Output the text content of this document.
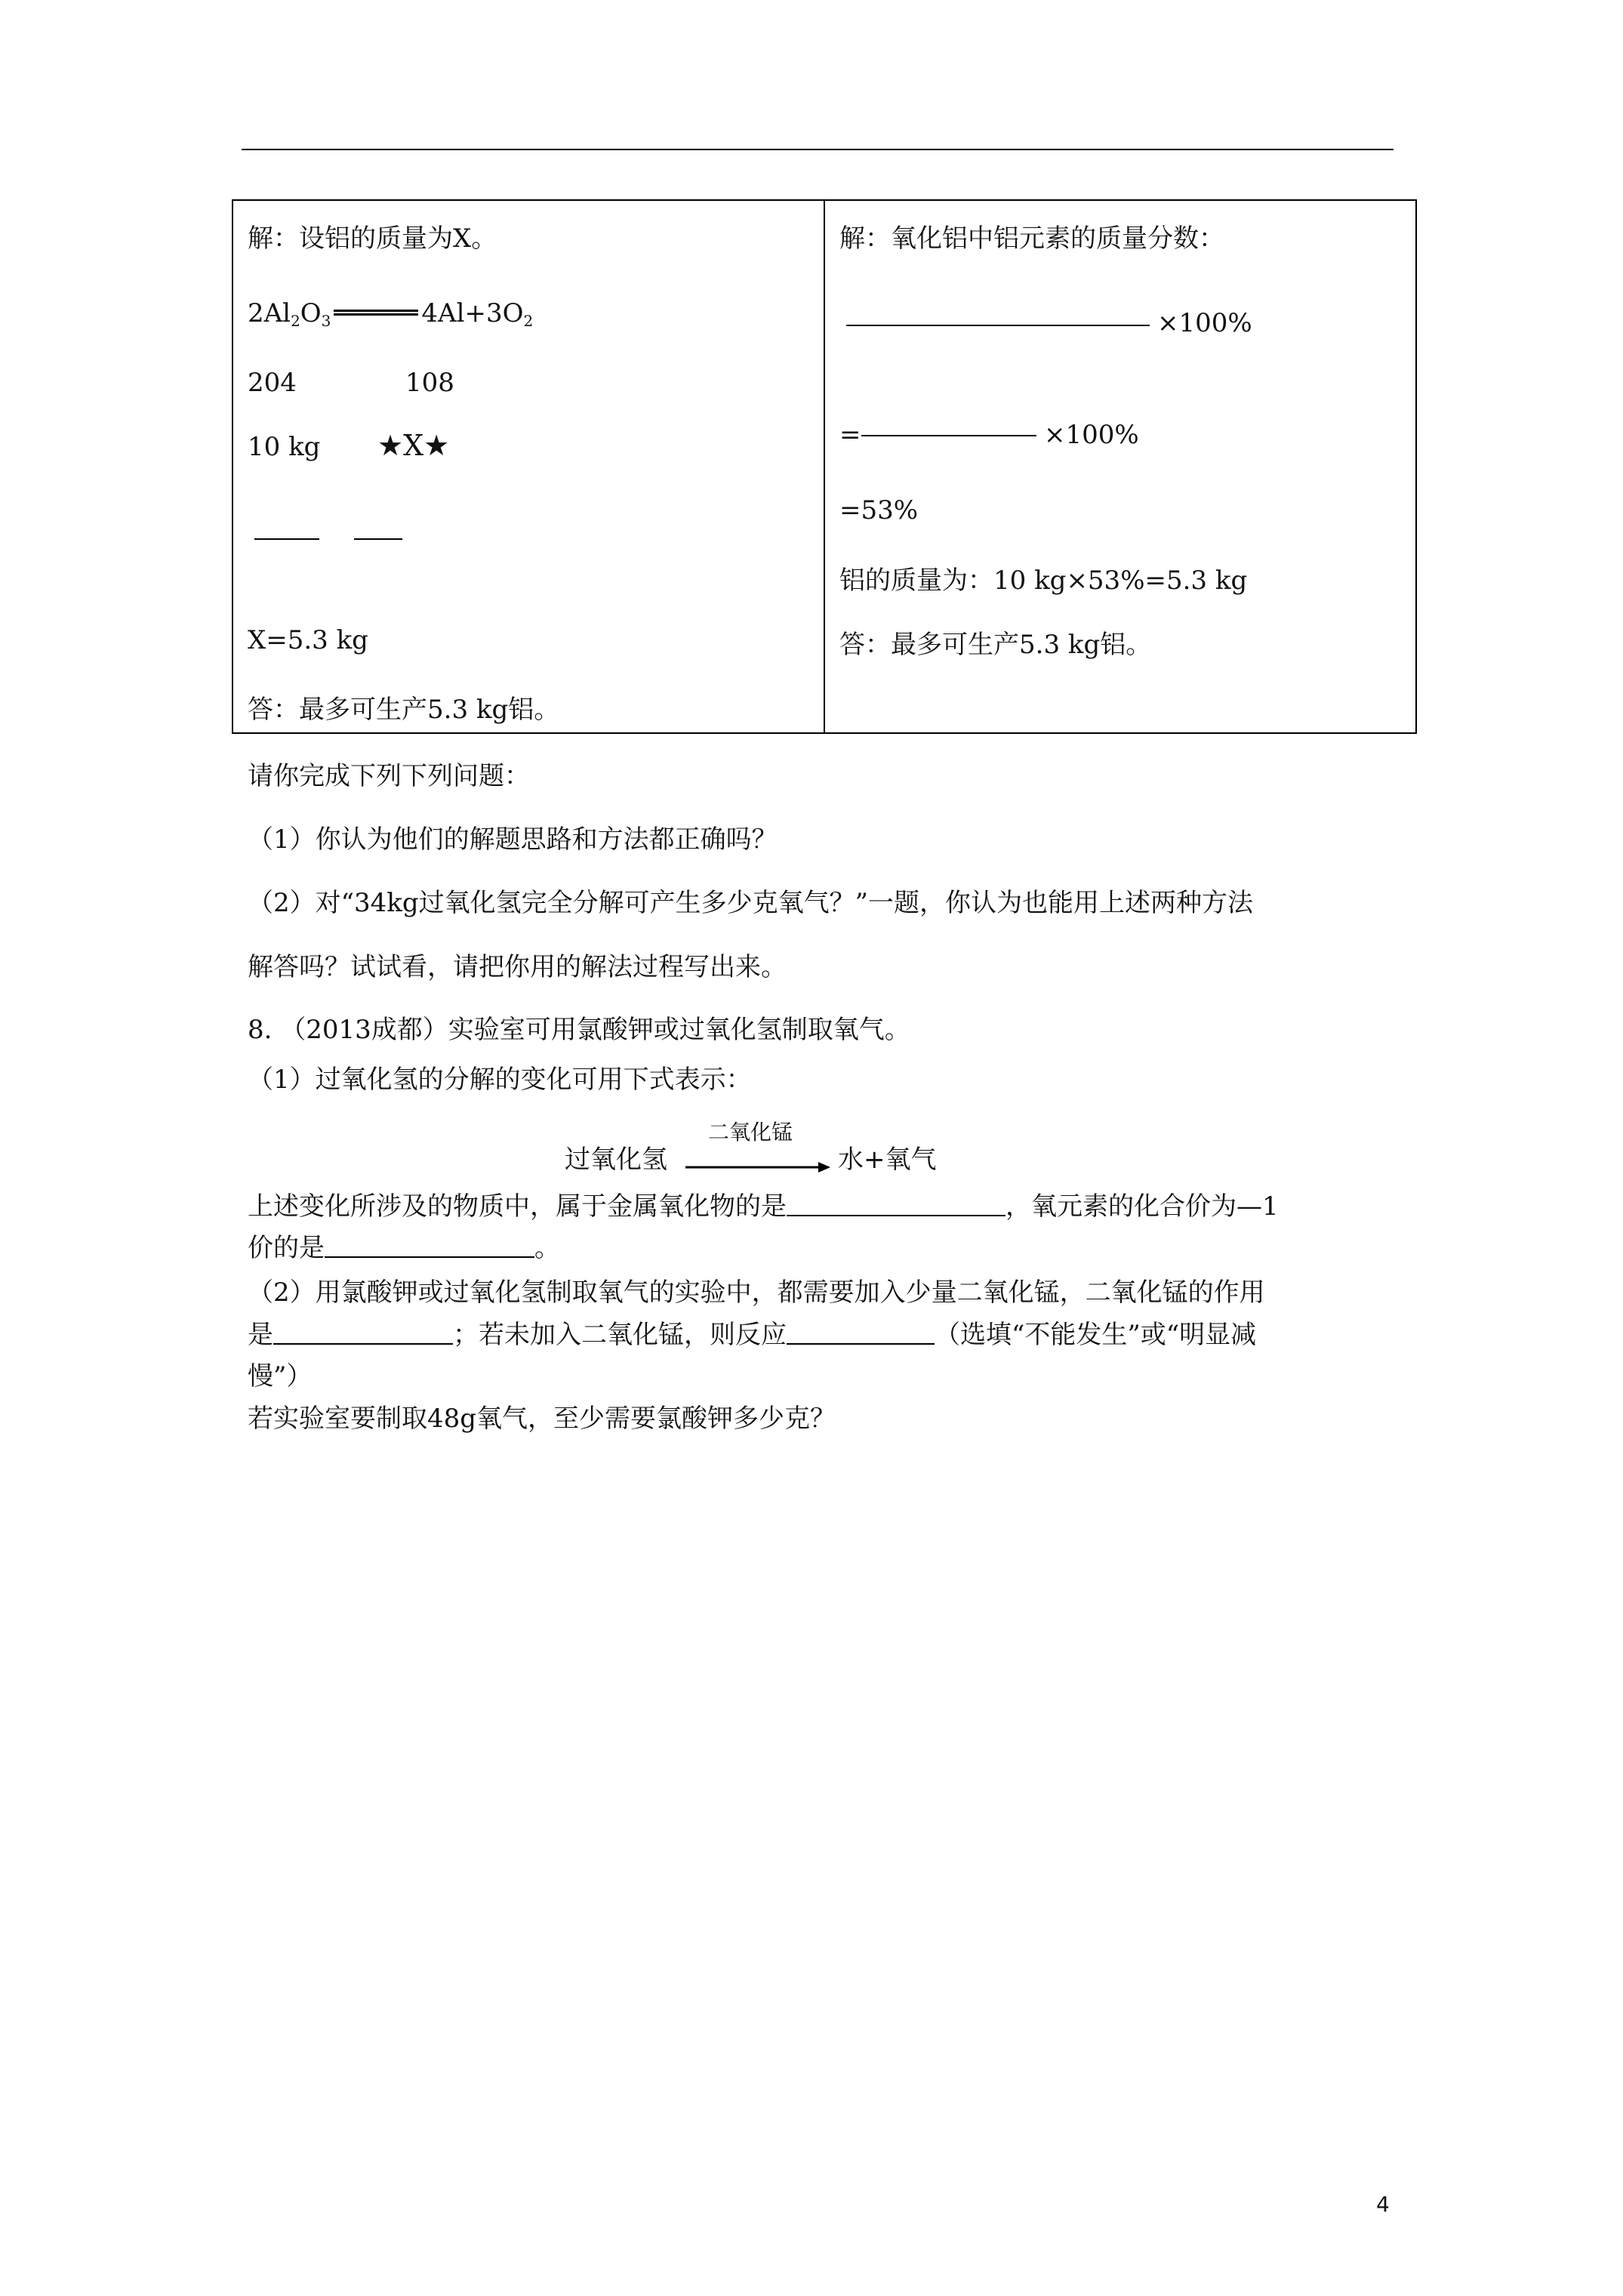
解：设铝的质量为X。
$2Al_2O_3$	$4Al+3O_2$
204	108
10 kg ★X★
X=5.3 kg
答：最多可生产5.3 kg铝。
解：氧化铝中铝元素的质量分数：
×100%
=	×100%
=53%
铝的质量为：10 kg×53%=5.3 kg
答：最多可生产5.3 kg铝。
请你完成下列下列问题：
（1）你认为他们的解题思路和方法都正确吗？
（2）对“34kg过氧化氢完全分解可产生多少克氧气？”一题，你认为也能用上述两种方法
解答吗？试试看，请把你用的解法过程写出来。
8. （2013成都）实验室可用氯酸钾或过氧化氢制取氧气。
（1）过氧化氢的分解的变化可用下式表示：
过氧化氢
二氧化锰
水+氧气
上述变化所涉及的物质中，属于金属氧化物的是	，氧元素的化合价为—1
价的是	。
（2）用氯酸钾或过氧化氢制取氧气的实验中，都需要加入少量二氧化锰，二氧化锰的作用
是	；若未加入二氧化锰，则反应	（选填“不能发生”或“明显减
慢”）
若实验室要制取48g氧气，至少需要氯酸钾多少克？
4
